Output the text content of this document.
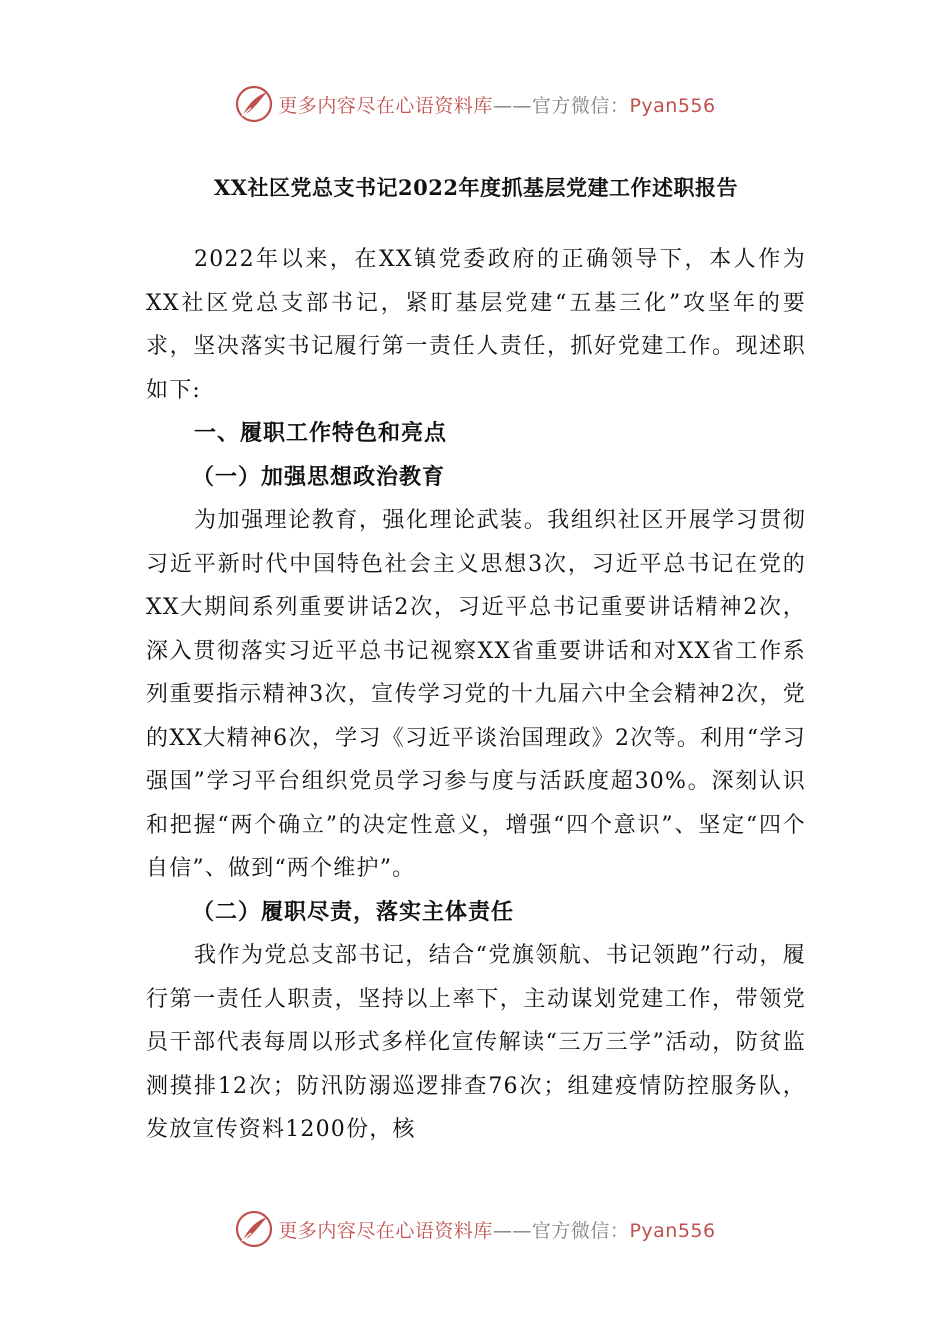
更多内容尽在心语资料库——官方微信：Pyan556
XX社区党总支书记2022年度抓基层党建工作述职报告

2022年以来，在XX镇党委政府的正确领导下，本人作为XX社区党总支部书记，紧盯基层党建“五基三化”攻坚年的要求，坚决落实书记履行第一责任人责任，抓好党建工作。现述职如下:

一、履职工作特色和亮点
（一）加强思想政治教育

为加强理论教育，强化理论武装。我组织社区开展学习贯彻习近平新时代中国特色社会主义思想3次，习近平总书记在党的XX大期间系列重要讲话2次，习近平总书记重要讲话精神2次，深入贯彻落实习近平总书记视察XX省重要讲话和对XX省工作系列重要指示精神3次，宣传学习党的十九届六中全会精神2次，党的XX大精神6次，学习《习近平谈治国理政》2次等。利用“学习强国”学习平台组织党员学习参与度与活跃度超30%。深刻认识和把握“两个确立”的决定性意义，增强“四个意识”、坚定“四个自信”、做到“两个维护”。

（二）履职尽责，落实主体责任

我作为党总支部书记，结合“党旗领航、书记领跑”行动，履行第一责任人职责，坚持以上率下，主动谋划党建工作，带领党员干部代表每周以形式多样化宣传解读“三万三学”活动，防贫监测摸排12次；防汛防溺巡逻排查76次；组建疫情防控服务队，发放宣传资料1200份，核

更多内容尽在心语资料库——官方微信：Pyan556
